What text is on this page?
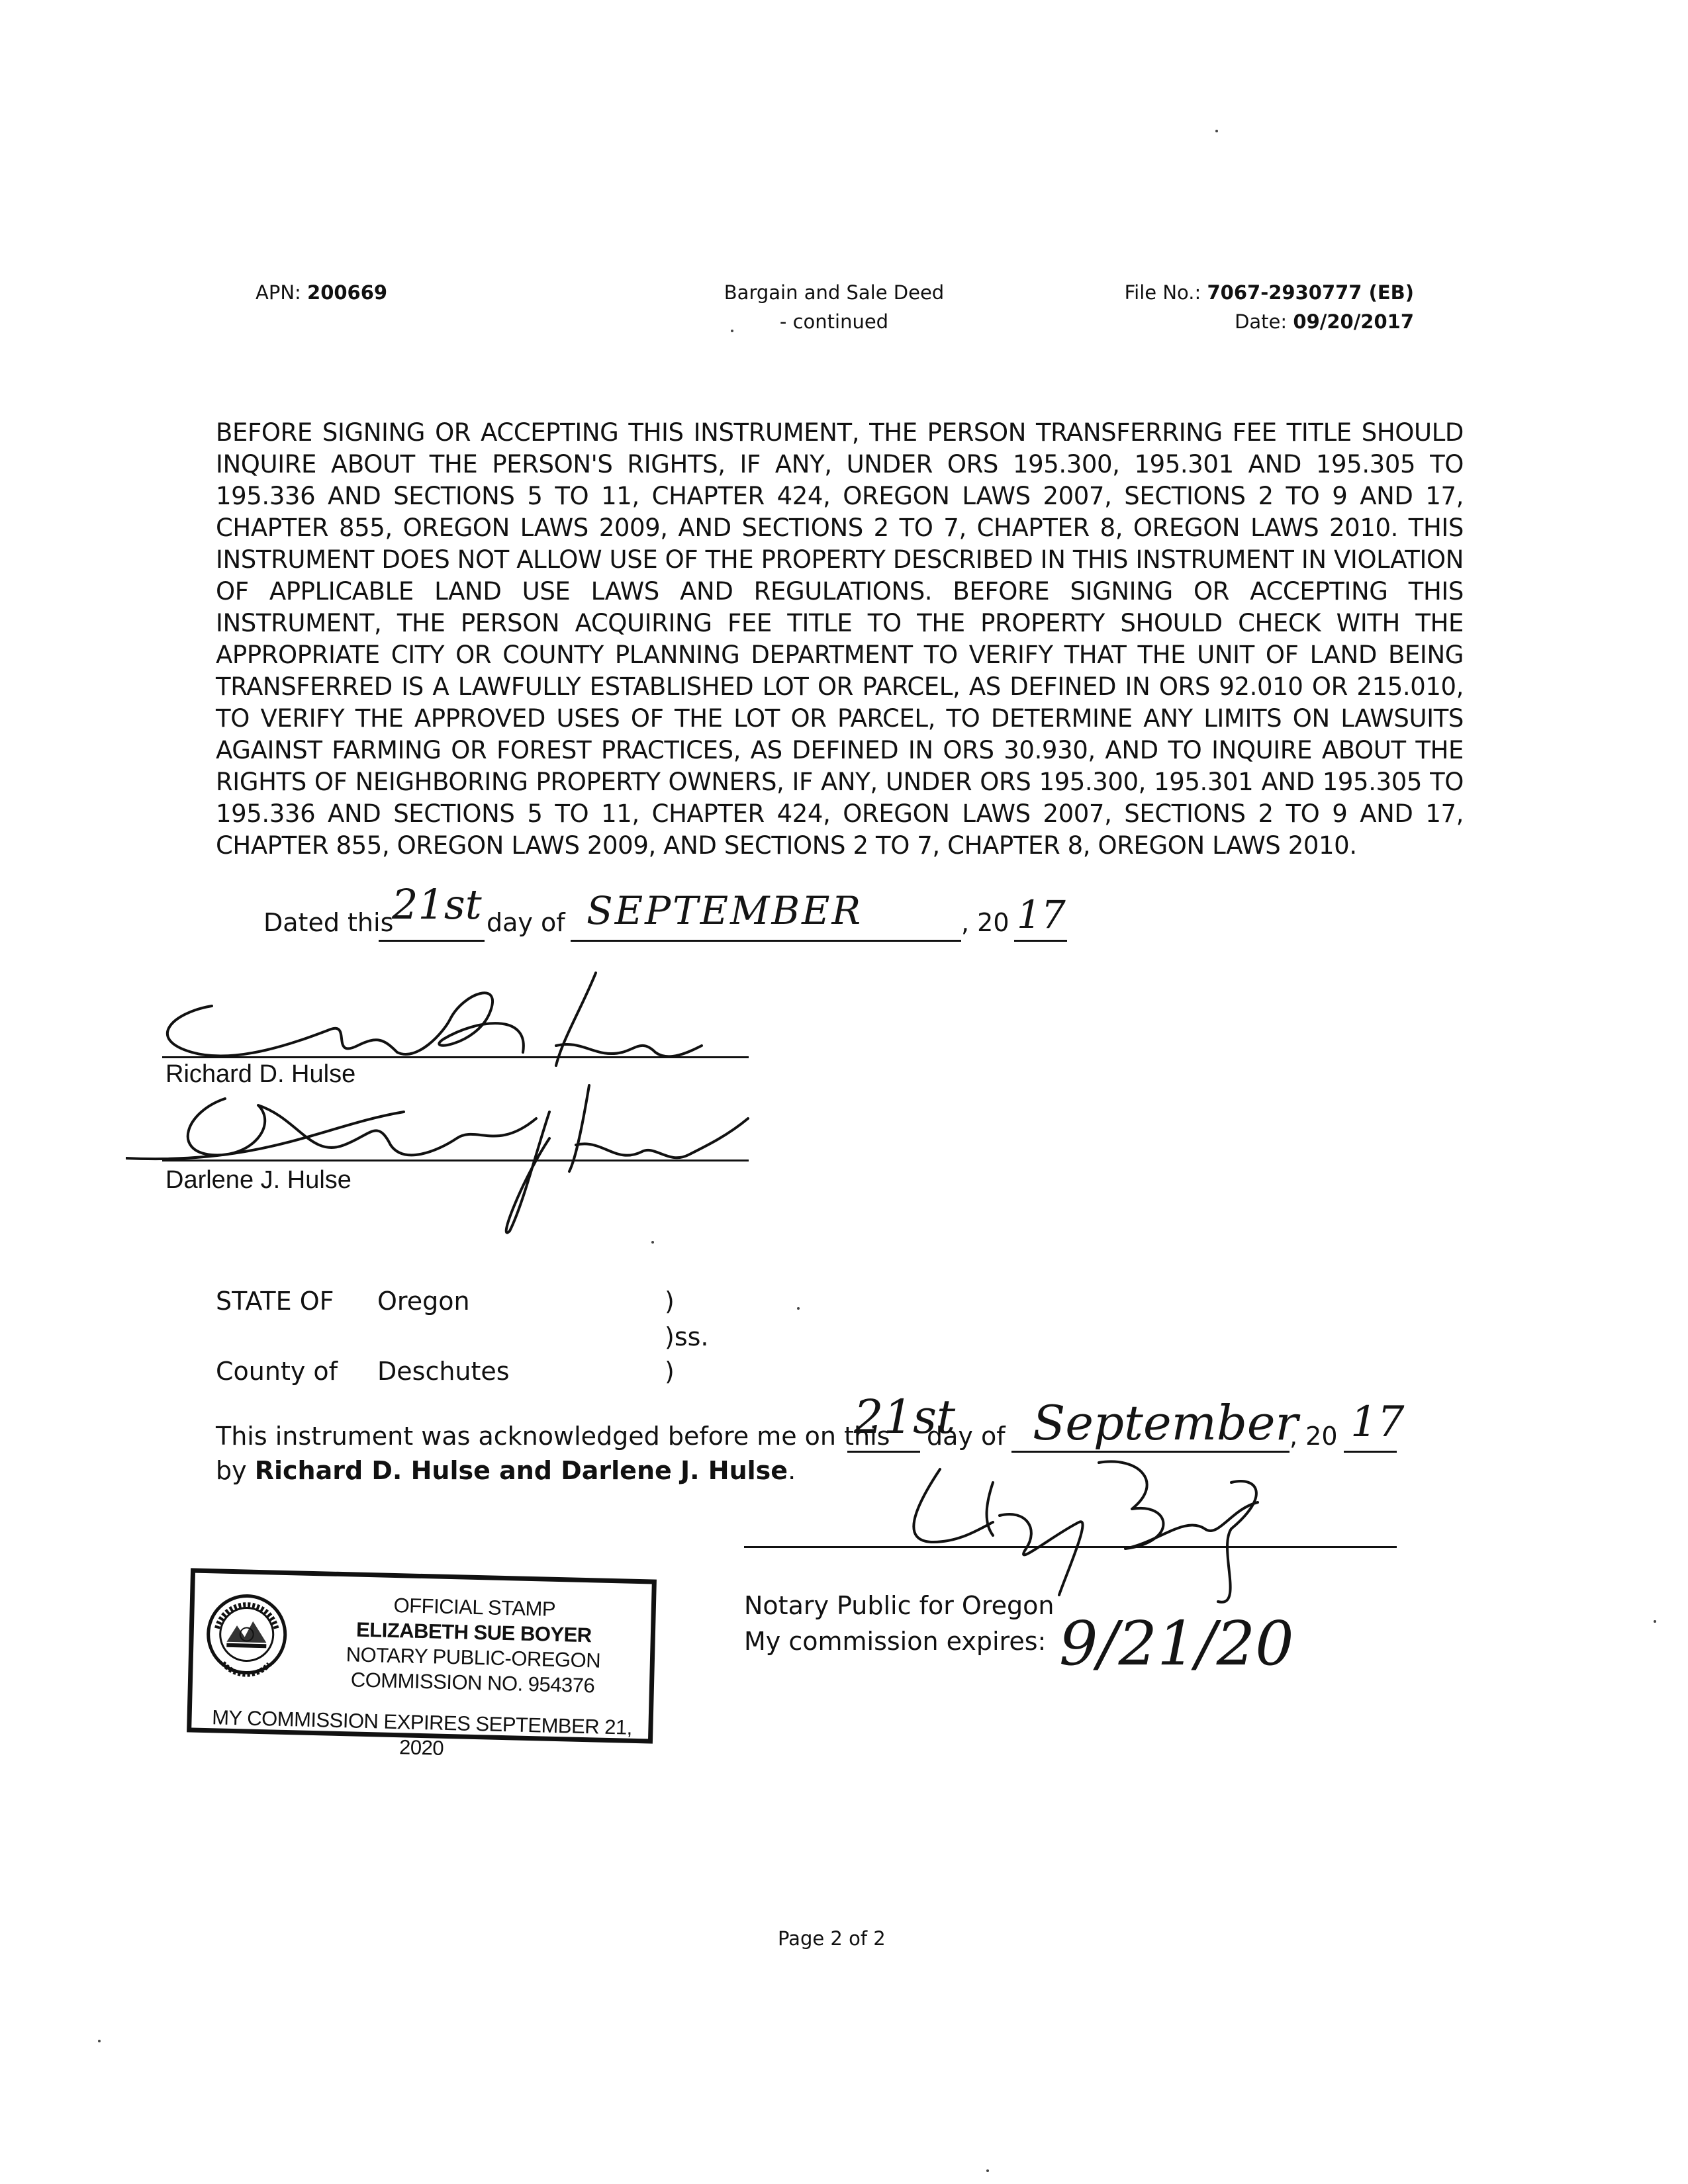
APN: 200669	Bargain and Sale Deed
- continued
File No.: 7067-2930777 (EB)
Date: 09/20/2017
BEFORE SIGNING OR ACCEPTING THIS INSTRUMENT, THE PERSON TRANSFERRING FEE TITLE SHOULD INQUIRE ABOUT THE PERSON'S RIGHTS, IF ANY, UNDER ORS 195.300, 195.301 AND 195.305 TO 195.336 AND SECTIONS 5 TO 11, CHAPTER 424, OREGON LAWS 2007, SECTIONS 2 TO 9 AND 17, CHAPTER 855, OREGON LAWS 2009, AND SECTIONS 2 TO 7, CHAPTER 8, OREGON LAWS 2010. THIS INSTRUMENT DOES NOT ALLOW USE OF THE PROPERTY DESCRIBED IN THIS INSTRUMENT IN VIOLATION OF APPLICABLE LAND USE LAWS AND REGULATIONS. BEFORE SIGNING OR ACCEPTING THIS INSTRUMENT, THE PERSON ACQUIRING FEE TITLE TO THE PROPERTY SHOULD CHECK WITH THE APPROPRIATE CITY OR COUNTY PLANNING DEPARTMENT TO VERIFY THAT THE UNIT OF LAND BEING TRANSFERRED IS A LAWFULLY ESTABLISHED LOT OR PARCEL, AS DEFINED IN ORS 92.010 OR 215.010, TO VERIFY THE APPROVED USES OF THE LOT OR PARCEL, TO DETERMINE ANY LIMITS ON LAWSUITS AGAINST FARMING OR FOREST PRACTICES, AS DEFINED IN ORS 30.930, AND TO INQUIRE ABOUT THE RIGHTS OF NEIGHBORING PROPERTY OWNERS, IF ANY, UNDER ORS 195.300, 195.301 AND 195.305 TO 195.336 AND SECTIONS 5 TO 11, CHAPTER 424, OREGON LAWS 2007, SECTIONS 2 TO 9 AND 17, CHAPTER 855, OREGON LAWS 2009, AND SECTIONS 2 TO 7, CHAPTER 8, OREGON LAWS 2010.
Dated this
21st day of SEPTEMBER	, 20 17
Richard D. Hulse
Darlene J. Hulse
STATE OF Oregon	)
)ss.
County of Deschutes	)
This instrument was acknowledged before me on this
21st
day of September
, 20 17
by Richard D. Hulse and Darlene J. Hulse.
Notary Public for Oregon
My commission expires: 9/21/20
OFFICIAL STAMP
ELIZABETH SUE BOYER
NOTARY PUBLIC-OREGON
COMMISSION NO. 954376
MY COMMISSION EXPIRES SEPTEMBER 21, 2020
Page 2 of 2
